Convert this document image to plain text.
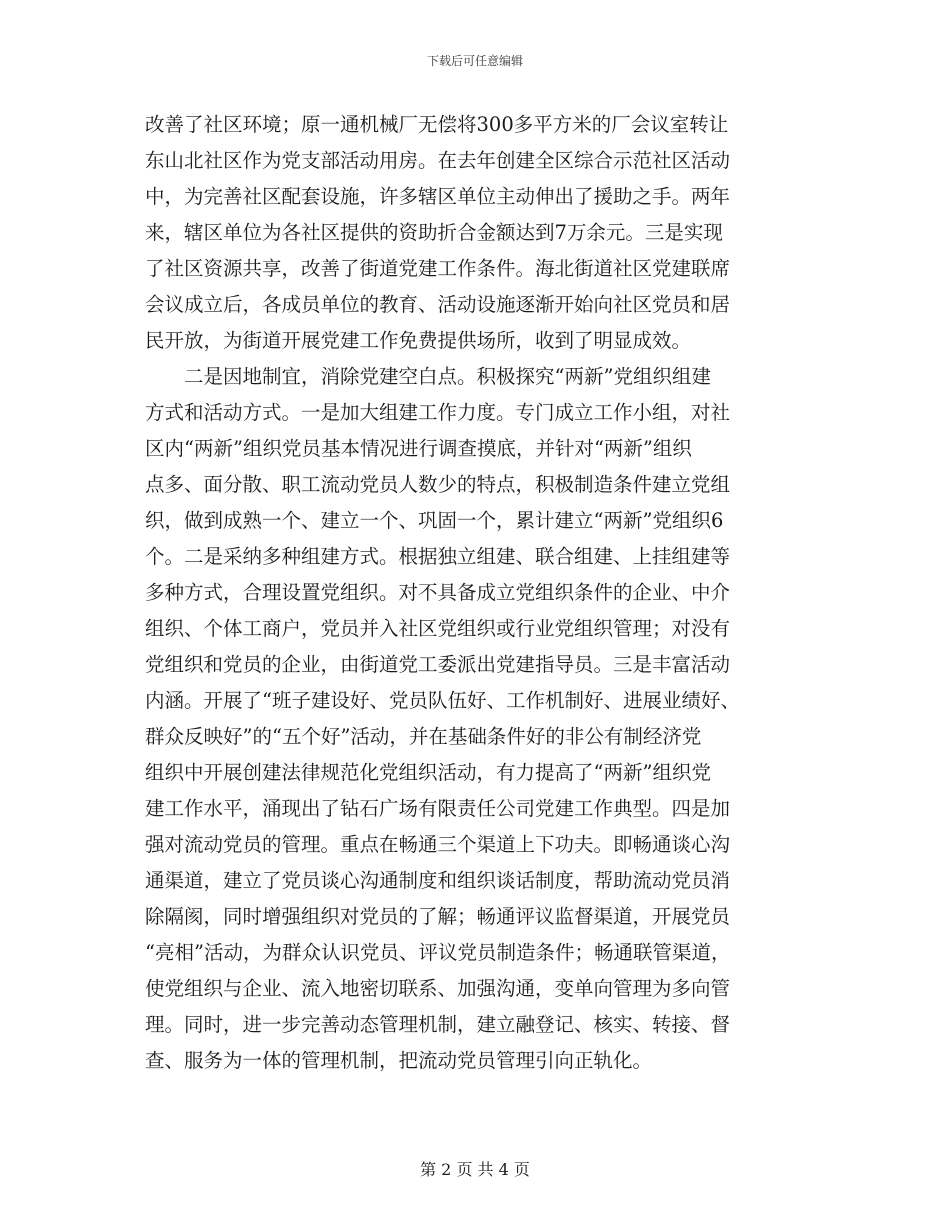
下载后可任意编辑
改善了社区环境；原一通机械厂无偿将300多平方米的厂会议室转让
东山北社区作为党支部活动用房。在去年创建全区综合示范社区活动
中，为完善社区配套设施，许多辖区单位主动伸出了援助之手。两年
来，辖区单位为各社区提供的资助折合金额达到7万余元。三是实现
了社区资源共享，改善了街道党建工作条件。海北街道社区党建联席
会议成立后，各成员单位的教育、活动设施逐渐开始向社区党员和居
民开放，为街道开展党建工作免费提供场所，收到了明显成效。
　　二是因地制宜，消除党建空白点。积极探究“两新”党组织组建
方式和活动方式。一是加大组建工作力度。专门成立工作小组，对社
区内“两新”组织党员基本情况进行调查摸底，并针对“两新”组织
点多、面分散、职工流动党员人数少的特点，积极制造条件建立党组
织，做到成熟一个、建立一个、巩固一个，累计建立“两新”党组织6
个。二是采纳多种组建方式。根据独立组建、联合组建、上挂组建等
多种方式，合理设置党组织。对不具备成立党组织条件的企业、中介
组织、个体工商户，党员并入社区党组织或行业党组织管理；对没有
党组织和党员的企业，由街道党工委派出党建指导员。三是丰富活动
内涵。开展了“班子建设好、党员队伍好、工作机制好、进展业绩好、
群众反映好”的“五个好”活动，并在基础条件好的非公有制经济党
组织中开展创建法律规范化党组织活动，有力提高了“两新”组织党
建工作水平，涌现出了钻石广场有限责任公司党建工作典型。四是加
强对流动党员的管理。重点在畅通三个渠道上下功夫。即畅通谈心沟
通渠道，建立了党员谈心沟通制度和组织谈话制度，帮助流动党员消
除隔阂，同时增强组织对党员的了解；畅通评议监督渠道，开展党员
“亮相”活动，为群众认识党员、评议党员制造条件；畅通联管渠道，
使党组织与企业、流入地密切联系、加强沟通，变单向管理为多向管
理。同时，进一步完善动态管理机制，建立融登记、核实、转接、督
查、服务为一体的管理机制，把流动党员管理引向正轨化。
第 2 页 共 4 页
